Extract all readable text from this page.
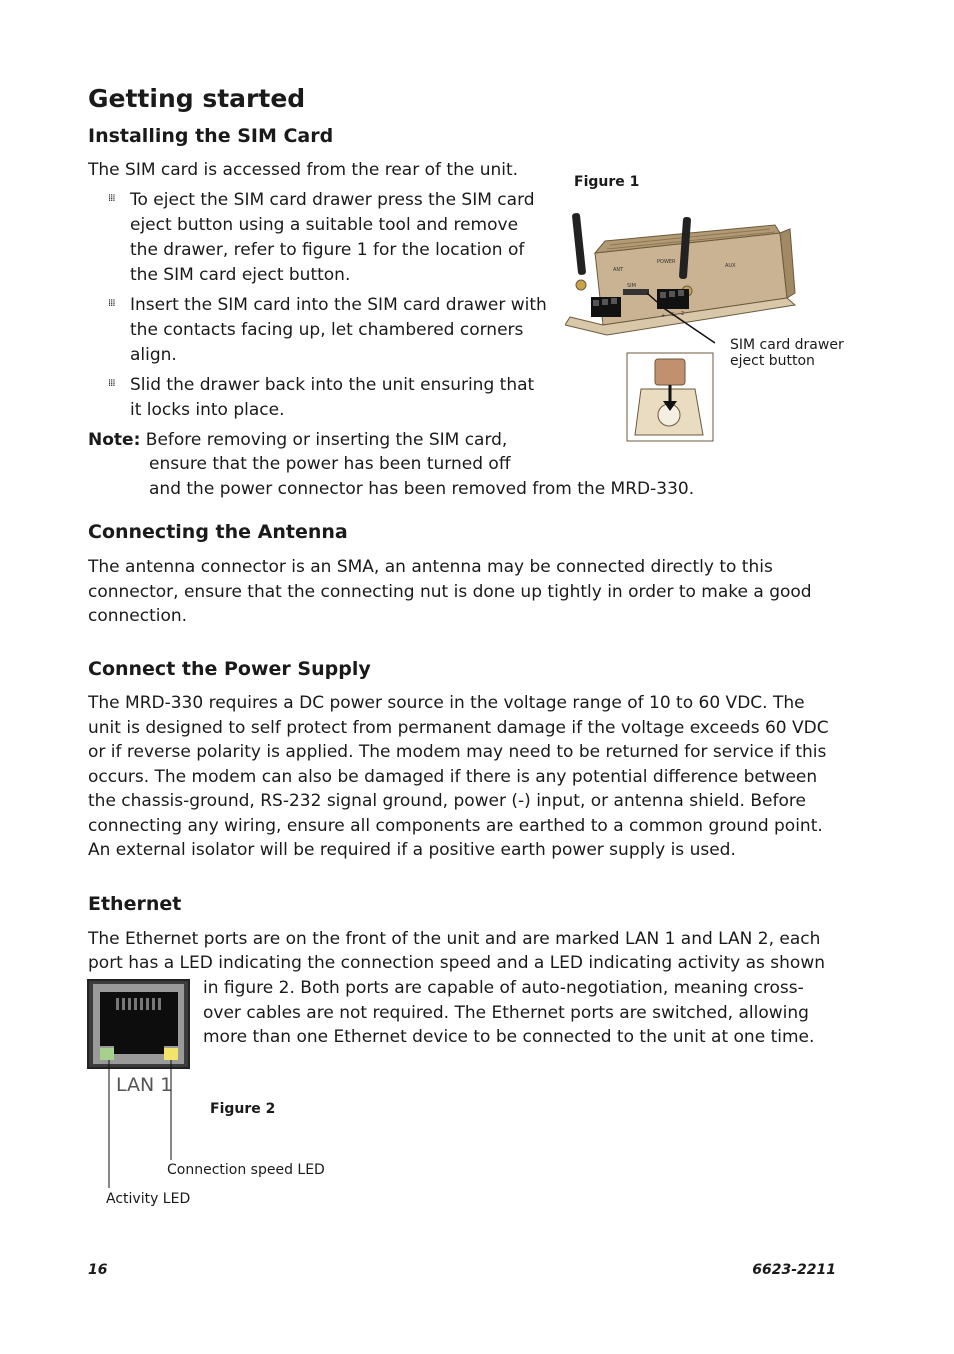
Getting started
Installing the SIM Card
The SIM card is accessed from the rear of the unit.
⁞⁞⁞ To eject the SIM card drawer press the SIM card eject button using a suitable tool and remove the drawer, refer to figure 1 for the location of the SIM card eject button.
⁞⁞⁞ Insert the SIM card into the SIM card drawer with the contacts facing up, let chambered corners align.
⁞⁞⁞ Slid the drawer back into the unit ensuring that it locks into place.
Note: Before removing or inserting the SIM card,
ensure that the power has been turned off
and the power connector has been removed from the MRD-330.
Figure 1
ANT
POWER
AUX
SIM
+ C 2
SIM card drawer
eject button
Connecting the Antenna
The antenna connector is an SMA, an antenna may be connected directly to this connector, ensure that the connecting nut is done up tightly in order to make a good connection.
Connect the Power Supply
The MRD-330 requires a DC power source in the voltage range of 10 to 60 VDC. The unit is designed to self protect from permanent damage if the voltage exceeds 60 VDC or if reverse polarity is applied. The modem may need to be returned for service if this occurs. The modem can also be damaged if there is any potential difference between the chassis-ground, RS-232 signal ground, power (-) input, or antenna shield. Before connecting any wiring, ensure all components are earthed to a common ground point. An external isolator will be required if a positive earth power supply is used.
Ethernet
The Ethernet ports are on the front of the unit and are marked LAN 1 and LAN 2, each
port has a LED indicating the connection speed and a LED indicating activity as shown
in figure 2. Both ports are capable of auto-negotiation, meaning cross-over cables are not required. The Ethernet ports are switched, allowing more than one Ethernet device to be connected to the unit at one time.
LAN 1
Figure 2
Connection speed LED
Activity LED
16	6623-2211
